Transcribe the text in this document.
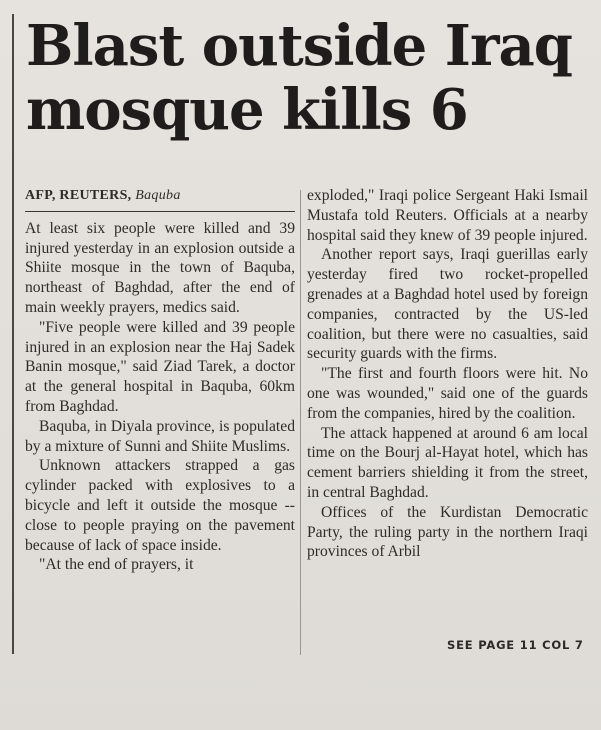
Blast outside Iraq
mosque kills 6

AFP, REUTERS, Baquba

At least six people were killed and 39 injured yesterday in an explosion outside a Shiite mosque in the town of Baquba, northeast of Baghdad, after the end of main weekly prayers, medics said.

"Five people were killed and 39 people injured in an explosion near the Haj Sadek Banin mosque," said Ziad Tarek, a doctor at the general hospital in Baquba, 60km from Baghdad.

Baquba, in Diyala province, is populated by a mixture of Sunni and Shiite Muslims.

Unknown attackers strapped a gas cylinder packed with explosives to a bicycle and left it outside the mosque -- close to people praying on the pavement because of lack of space inside.

"At the end of prayers, it

exploded," Iraqi police Sergeant Haki Ismail Mustafa told Reuters. Officials at a nearby hospital said they knew of 39 people injured.

Another report says, Iraqi guerillas early yesterday fired two rocket-propelled grenades at a Baghdad hotel used by foreign companies, contracted by the US-led coalition, but there were no casualties, said security guards with the firms.

"The first and fourth floors were hit. No one was wounded," said one of the guards from the companies, hired by the coalition.

The attack happened at around 6 am local time on the Bourj al-Hayat hotel, which has cement barriers shielding it from the street, in central Baghdad.

Offices of the Kurdistan Democratic Party, the ruling party in the northern Iraqi provinces of Arbil

SEE PAGE 11 COL 7
